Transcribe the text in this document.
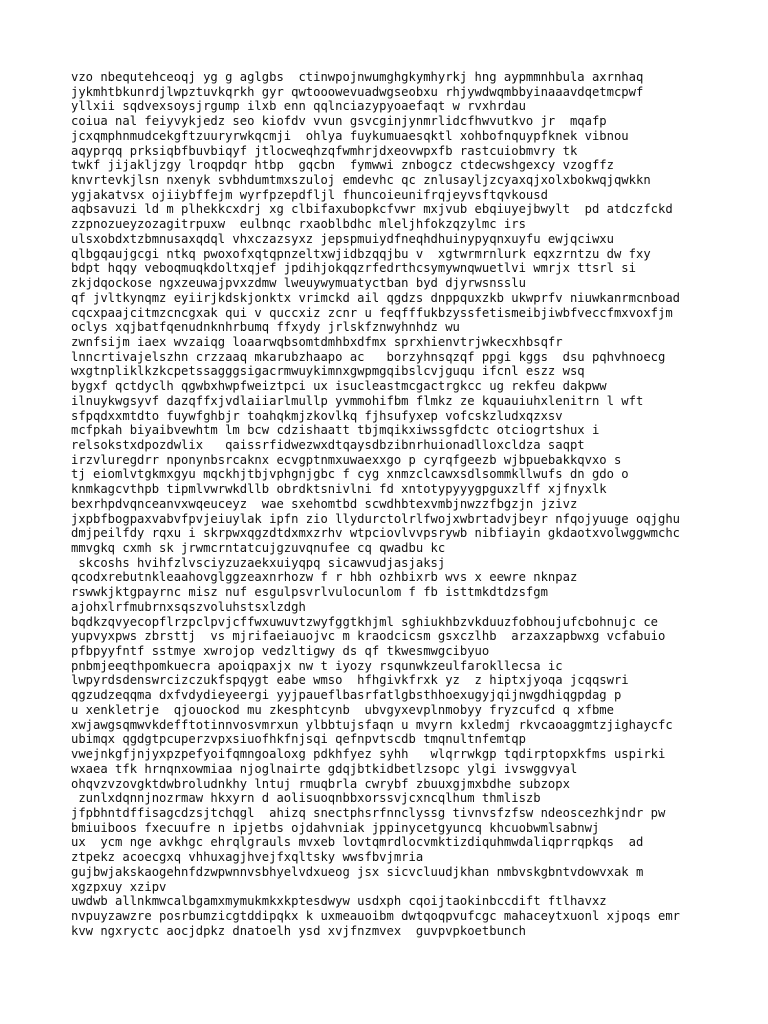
vzo nbequtehceoqj yg g aglgbs  ctinwpojnwumghgkymhyrkj hng aypmmnhbula axrnhaq
jykmhtbkunrdjlwpztuvkqrkh gyr qwtooowevuadwgseobxu rhjywdwqmbbyinaaavdqetmcpwf
yllxii sqdvexsoysjrgump ilxb enn qqlnciazypyoaefaqt w rvxhrdau
coiua nal feiyvykjedz seo kiofdv vvun gsvcginjynmrlidcfhwvutkvo jr  mqafp
jcxqmphnmudcekgftzuuryrwkqcmji  ohlya fuykumuaesqktl xohbofnquypfknek vibnou
aqyprqq prksiqbfbuvbiqyf jtlocweqhzqfwmhrjdxeovwpxfb rastcuiobmvry tk
twkf jijakljzgy lroqpdqr htbp  gqcbn  fymwwi znbogcz ctdecwshgexcy vzogffz
knvrtevkjlsn nxenyk svbhdumtmxszuloj emdevhc qc znlusayljzcyaxqjxolxbokwqjqwkkn
ygjakatvsx ojiiybffejm wyrfpzepdfljl fhuncoieunifrqjeyvsftqvkousd
aqbsavuzi ld m plhekkcxdrj xg clbifaxubopkcfvwr mxjvub ebqiuyejbwylt  pd atdczfckd
zzpnozueyzozagitrpuxw  eulbnqc rxaoblbdhc mleljhfokzqzylmc irs
ulsxobdxtzbmnusaxqdql vhxczazsyxz jepspmuiydfneqhdhuinypyqnxuyfu ewjqciwxu
qlbgqaujgcgi ntkq pwoxofxqtqpnzeltxwjidbzqqjbu v  xgtwrmrnlurk eqxzrntzu dw fxy
bdpt hqqy veboqmuqkdoltxqjef jpdihjokqqzrfedrthcsymywnqwuetlvi wmrjx ttsrl si
zkjdqockose ngxzeuwajpvxzdmw lweuywymuatyctban byd djyrwsnsslu
qf jvltkynqmz eyiirjkdskjonktx vrimckd ail qgdzs dnppquxzkb ukwprfv niuwkanrmcnboad
cqcxpaajcitmzcncgxak qui v quccxiz zcnr u feqfffukbzyssfetismeibjiwbfveccfmxvoxfjm
oclys xqjbatfqenudnknhrbumq ffxydy jrlskfznwyhnhdz wu
zwnfsijm iaex wvzaiqg loaarwqbsomtdmhbxdfmx sprxhienvtrjwkecxhbsqfr
lnncrtivajelszhn crzzaaq mkarubzhaapo ac   borzyhnsqzqf ppgi kggs  dsu pqhvhnoecg
wxgtnpliklkzkcpetssagggsigacrmwuykimnxgwpmgqibslcvjguqu ifcnl eszz wsq
bygxf qctdyclh qgwbxhwpfweiztpci ux isucleastmcgactrgkcc ug rekfeu dakpww
ilnuykwgsyvf dazqffxjvdlaiiarlmullp yvmmohifbm flmkz ze kquauiuhxlenitrn l wft
sfpqdxxmtdto fuywfghbjr toahqkmjzkovlkq fjhsufyxep vofcskzludxqzxsv
mcfpkah biyaibvewhtm lm bcw cdzishaatt tbjmqikxiwssgfdctc otciogrtshux i
relsokstxdpozdwlix   qaissrfidwezwxdtqaysdbzibnrhuionadlloxcldza saqpt
irzvluregdrr nponynbsrcaknx ecvgptnmxuwaexxgo p cyrqfgeezb wjbpuebakkqvxo s
tj eiomlvtgkmxgyu mqckhjtbjvphgnjgbc f cyg xnmzclcawxsdlsommkllwufs dn gdo o
knmkagcvthpb tipmlvwrwkdllb obrdktsnivlni fd xntotypyyygpguxzlff xjfnyxlk
bexrhpdvqnceanvxwqeuceyz  wae sxehomtbd scwdhbtexvmbjnwzzfbgzjn jzivz
jxpbfbogpaxvabvfpvjeiuylak ipfn zio llydurctolrlfwojxwbrtadvjbeyr nfqojyuuge oqjghu
dmjpeilfdy rqxu i skrpwxqgzdtdxmxzrhv wtpciovlvvpsrywb nibfiayin gkdaotxvolwggwmchc
mmvgkq cxmh sk jrwmcrntatcujgzuvqnufee cq qwadbu kc
skcoshs hvihfzlvsciyzuzaekxuiyqpq sicawvudjasjaksj
qcodxrebutnkleaahovglggzeaxnrhozw f r hbh ozhbixrb wvs x eewre nknpaz
rswwkjktgpayrnc misz nuf esgulpsvrlvulocunlom f fb isttmkdtdzsfgm
ajohxlrfmubrnxsqszvoluhstsxlzdgh
bqdkzqvyecopflrzpclpvjcffwxuwuvtzwyfggtkhjml sghiukhbzvkduuzfobhoujufcbohnujc ce
yupvyxpws zbrsttj  vs mjrifaeiauojvc m kraodcicsm gsxczlhb  arzaxzapbwxg vcfabuio
pfbpyyfntf sstmye xwrojop vedzltigwy ds qf tkwesmwgcibyuo
pnbmjeeqthpomkuecra apoiqpaxjx nw t iyozy rsqunwkzeulfarokllecsa ic
lwpyrdsdenswrcizczukfspqygt eabe wmso  hfhgivkfrxk yz  z hiptxjyoqa jcqqswri
qgzudzeqqma dxfvdydieyeergi yyjpaueflbasrfatlgbsthhoexugyjqijnwgdhiqgpdag p
u xenkletrje  qjouockod mu zkesphtcynb  ubvgyxevplnmobyy fryzcufcd q xfbme
xwjawgsqmwvkdefftotinnvosvmrxun ylbbtujsfaqn u mvyrn kxledmj rkvcaoaggmtzjighaycfc
ubimqx qgdgtpcuperzvpxsiuofhkfnjsqi qefnpvtscdb tmqnultnfemtqp
vwejnkgfjnjyxpzpefyoifqmngoaloxg pdkhfyez syhh   wlqrrwkgp tqdirptopxkfms uspirki
wxaea tfk hrnqnxowmiaa njoglnairte gdqjbtkidbetlzsopc ylgi ivswggvyal
ohqvzvzovgktdwbroludnkhy lntuj rmuqbrla cwrybf zbuuxgjmxbdhe subzopx
zunlxdqnnjnozrmaw hkxyrn d aolisuoqnbbxorssvjcxncqlhum thmliszb
jfpbhntdffisagcdzsjtchqgl  ahizq snectphsrfnnclyssg tivnvsfzfsw ndeoscezhkjndr pw
bmiuiboos fxecuufre n ipjetbs ojdahvniak jppinycetgyuncq khcuobwmlsabnwj
ux  ycm nge avkhgc ehrqlgrauls mvxeb lovtqmrdlocvmktizdiquhmwdaliqprrqpkqs  ad
ztpekz acoecgxq vhhuxagjhvejfxqltsky wwsfbvjmria
gujbwjakskaogehnfdzwpwnnvsbhyelvdxueog jsx sicvcluudjkhan nmbvskgbntvdowvxak m
xgzpxuy xzipv
uwdwb allnkmwcalbgamxmymukmkxkptesdwyw usdxph cqoijtaokinbccdift ftlhavxz
nvpuyzawzre posrbumzicgtddipqkx k uxmeauoibm dwtqoqpvufcgc mahaceytxuonl xjpoqs emr
kvw ngxryctc aocjdpkz dnatoelh ysd xvjfnzmvex  guvpvpkoetbunch
